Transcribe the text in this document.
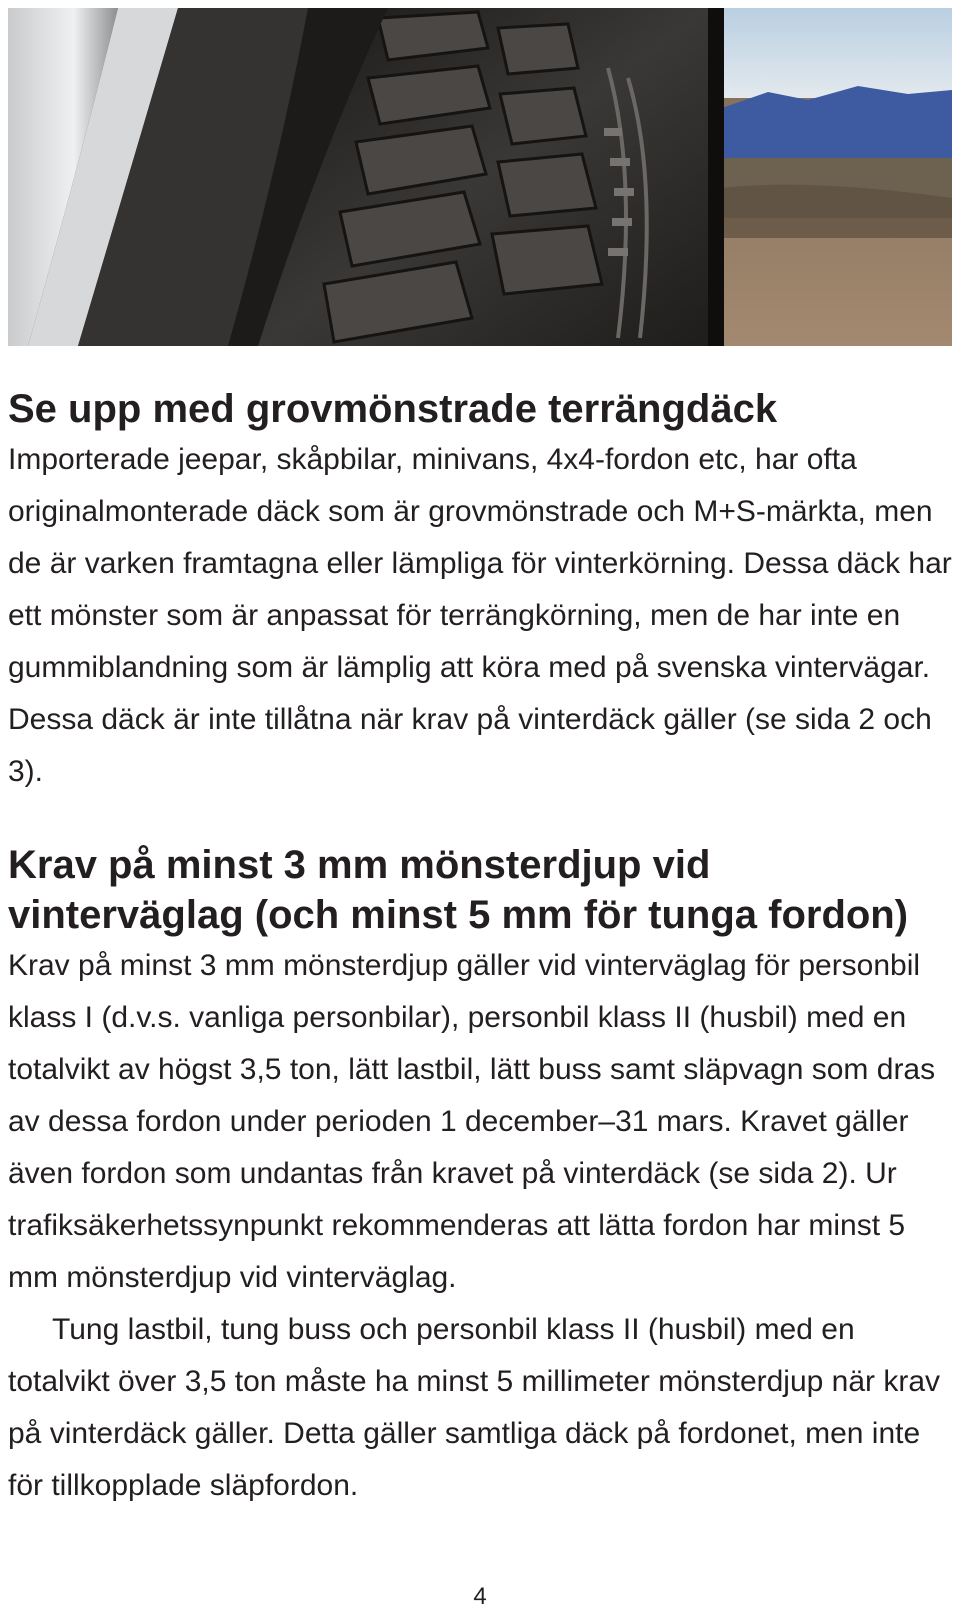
Se upp med grovmönstrade terrängdäck

Importerade jeepar, skåpbilar, minivans, 4x4-fordon etc, har ofta originalmonterade däck som är grovmönstrade och M+S-märkta, men de är varken framtagna eller lämpliga för vinterkörning. Dessa däck har ett mönster som är anpassat för terrängkörning, men de har inte en gummiblandning som är lämplig att köra med på svenska vintervägar. Dessa däck är inte tillåtna när krav på vinterdäck gäller (se sida 2 och 3).

Krav på minst 3 mm mönsterdjup vid vinterväglag (och minst 5 mm för tunga fordon)

Krav på minst 3 mm mönsterdjup gäller vid vinterväglag för personbil klass I (d.v.s. vanliga personbilar), personbil klass II (husbil) med en totalvikt av högst 3,5 ton, lätt lastbil, lätt buss samt släpvagn som dras av dessa fordon under perioden 1 december–31 mars. Kravet gäller även fordon som undantas från kravet på vinterdäck (se sida 2). Ur trafiksäkerhetssynpunkt rekommenderas att lätta fordon har minst 5 mm mönsterdjup vid vinterväglag.

Tung lastbil, tung buss och personbil klass II (husbil) med en totalvikt över 3,5 ton måste ha minst 5 millimeter mönsterdjup när krav på vinterdäck gäller. Detta gäller samtliga däck på fordonet, men inte för tillkopplade släpfordon.

4
